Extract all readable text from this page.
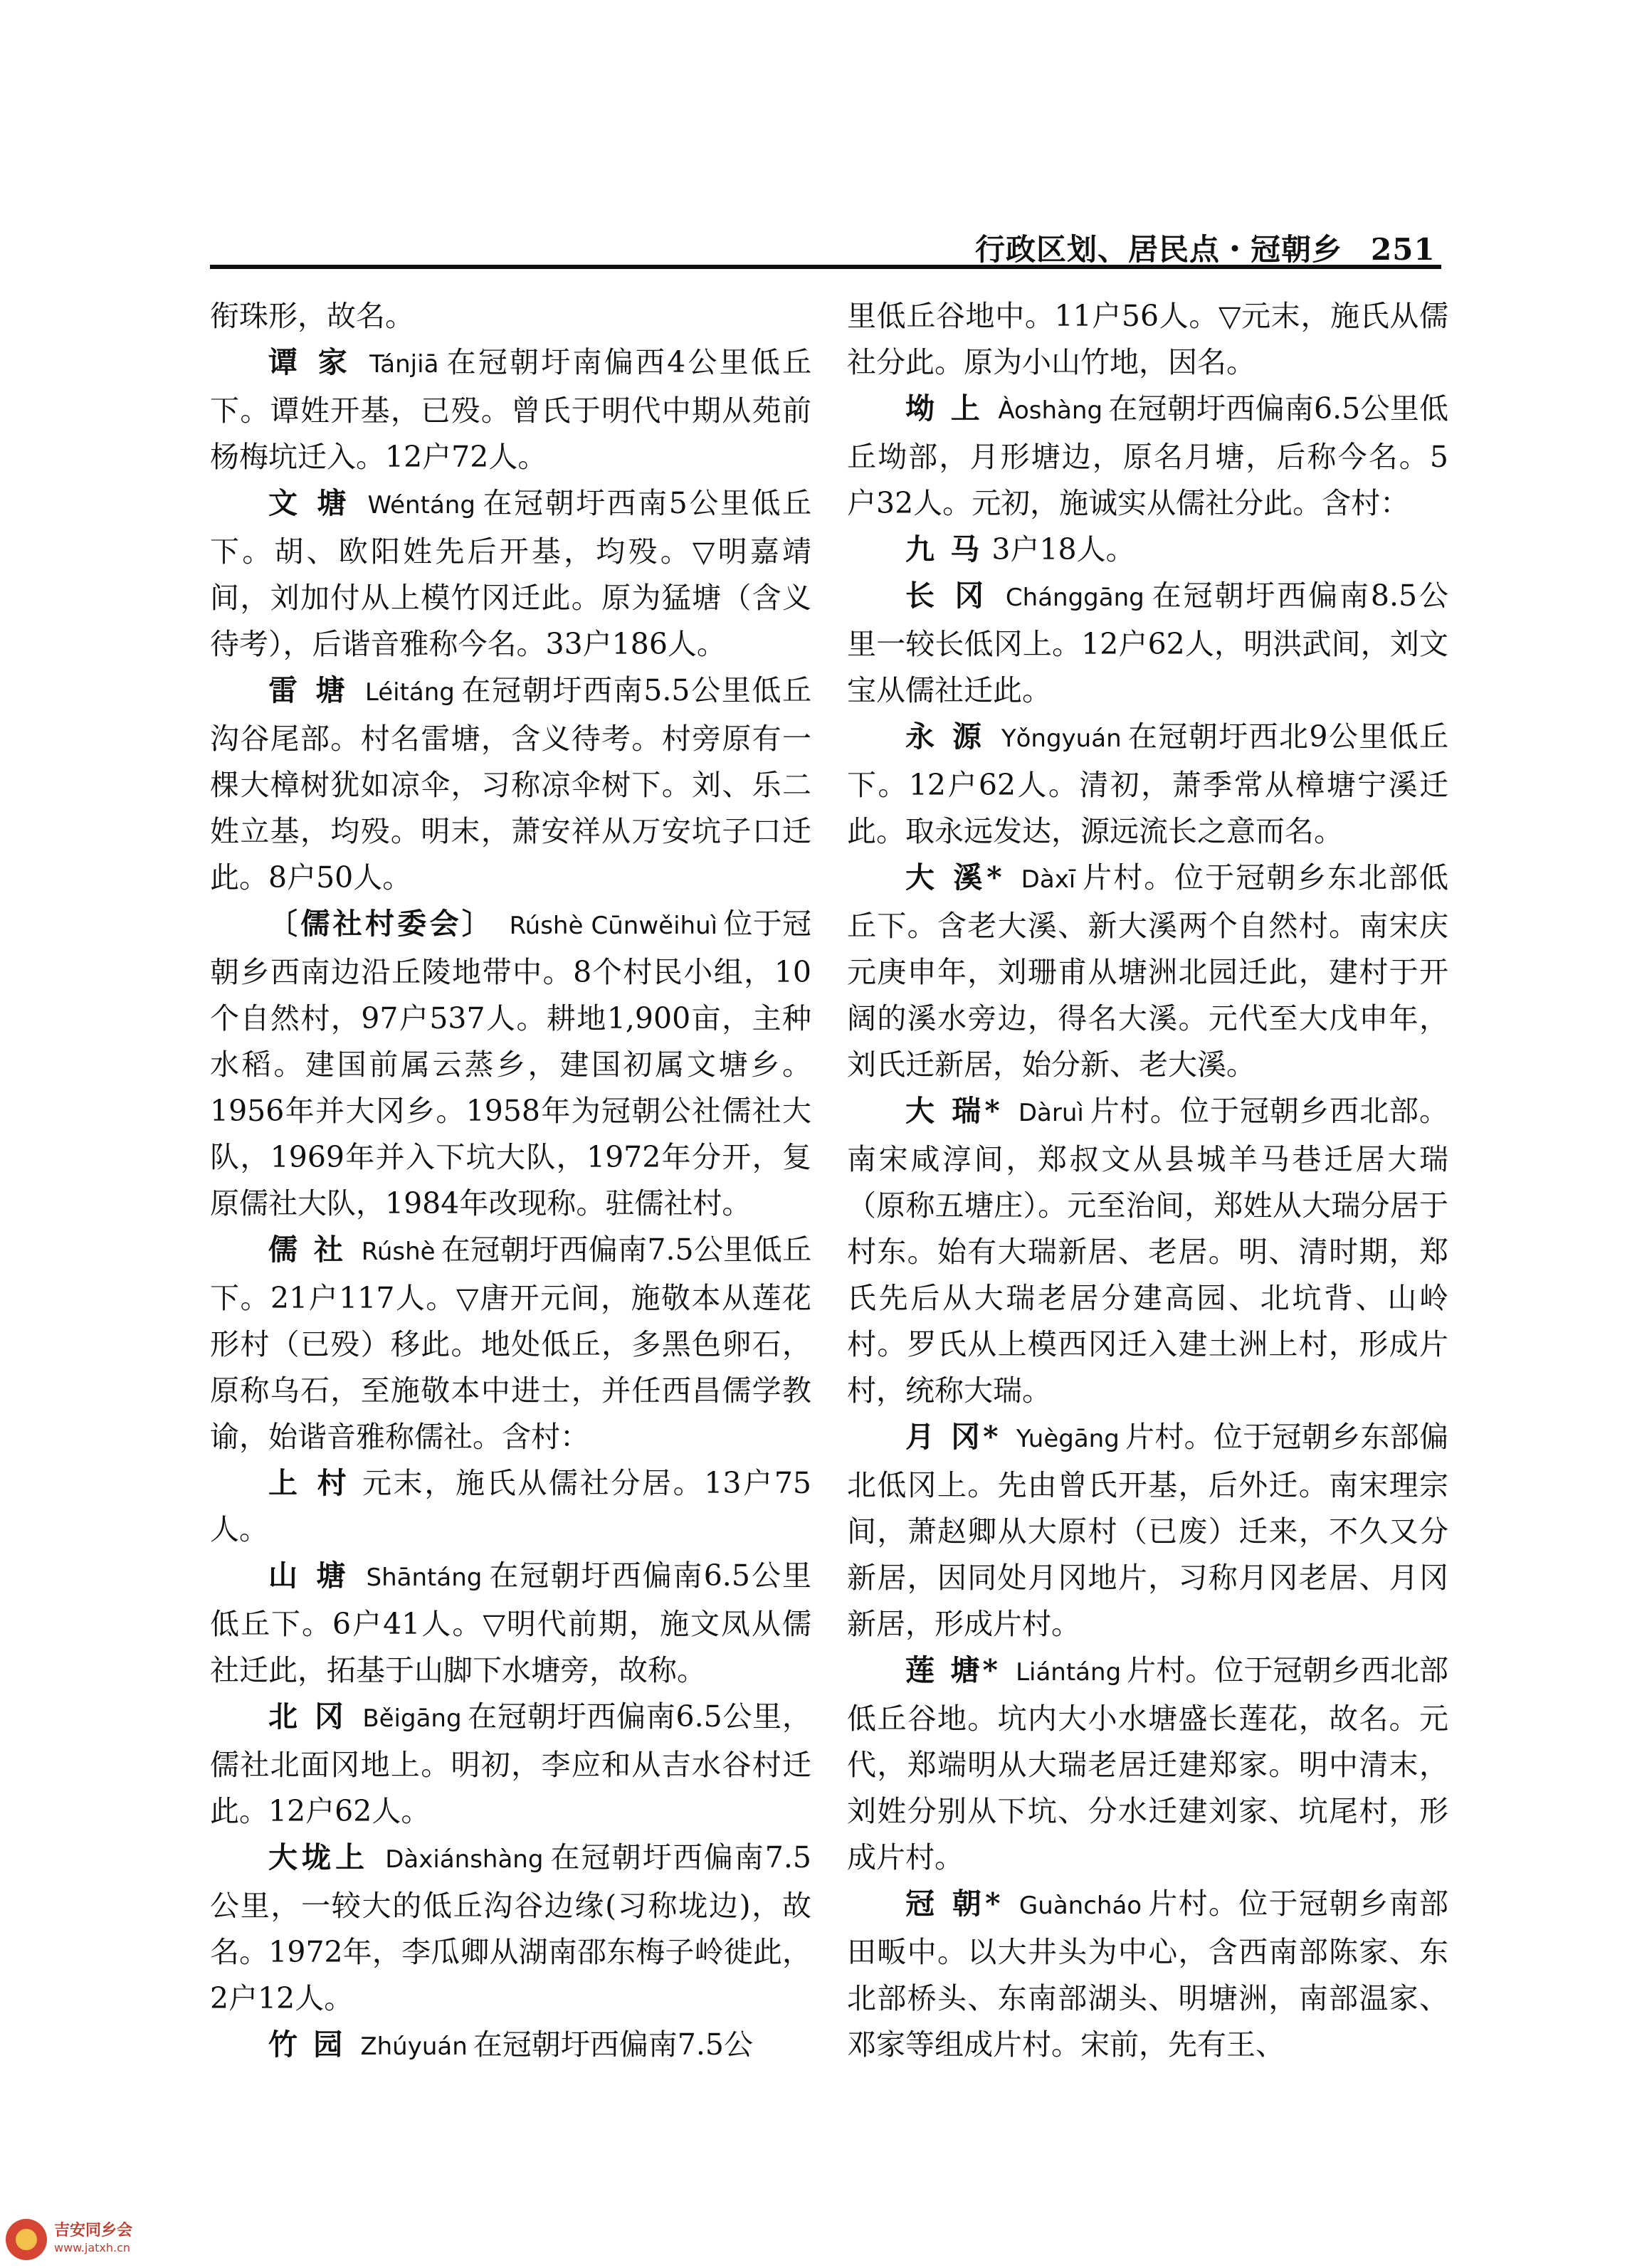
行政区划、居民点・冠朝乡 251

衔珠形，故名。

谭 家 Tánjiā 在冠朝圩南偏西4公里低丘下。谭姓开基，已殁。曾氏于明代中期从苑前杨梅坑迁入。12户72人。

文 塘 Wéntáng 在冠朝圩西南5公里低丘下。胡、欧阳姓先后开基，均殁。▽明嘉靖间，刘加付从上模竹冈迁此。原为猛塘（含义待考），后谐音雅称今名。33户186人。

雷 塘 Léitáng 在冠朝圩西南5.5公里低丘沟谷尾部。村名雷塘，含义待考。村旁原有一棵大樟树犹如凉伞，习称凉伞树下。刘、乐二姓立基，均殁。明末，萧安祥从万安坑子口迁此。8户50人。

〔儒社村委会〕 Rúshè Cūnwěihuì 位于冠朝乡西南边沿丘陵地带中。8个村民小组，10个自然村，97户537人。耕地1,900亩，主种水稻。建国前属云蒸乡，建国初属文塘乡。1956年并大冈乡。1958年为冠朝公社儒社大队，1969年并入下坑大队，1972年分开，复原儒社大队，1984年改现称。驻儒社村。

儒 社 Rúshè 在冠朝圩西偏南7.5公里低丘下。21户117人。▽唐开元间，施敬本从莲花形村（已殁）移此。地处低丘，多黑色卵石，原称乌石，至施敬本中进士，并任西昌儒学教谕，始谐音雅称儒社。含村：

上 村 元末，施氏从儒社分居。13户75人。

山 塘 Shāntáng 在冠朝圩西偏南6.5公里低丘下。6户41人。▽明代前期，施文凤从儒社迁此，拓基于山脚下水塘旁，故称。

北 冈 Běigāng 在冠朝圩西偏南6.5公里，儒社北面冈地上。明初，李应和从吉水谷村迁此。12户62人。

大垅上 Dàxiánshàng 在冠朝圩西偏南7.5公里，一较大的低丘沟谷边缘(习称垅边)，故名。1972年，李瓜卿从湖南邵东梅子岭徙此，2户12人。

竹 园 Zhúyuán 在冠朝圩西偏南7.5公

里低丘谷地中。11户56人。▽元末，施氏从儒社分此。原为小山竹地，因名。

坳 上 Àoshàng 在冠朝圩西偏南6.5公里低丘坳部，月形塘边，原名月塘，后称今名。5户32人。元初，施诚实从儒社分此。含村：

九 马 3户18人。

长 冈 Chánggāng 在冠朝圩西偏南8.5公里一较长低冈上。12户62人，明洪武间，刘文宝从儒社迁此。

永 源 Yǒngyuán 在冠朝圩西北9公里低丘下。12户62人。清初，萧季常从樟塘宁溪迁此。取永远发达，源远流长之意而名。

大 溪* Dàxī 片村。位于冠朝乡东北部低丘下。含老大溪、新大溪两个自然村。南宋庆元庚申年，刘珊甫从塘洲北园迁此，建村于开阔的溪水旁边，得名大溪。元代至大戊申年，刘氏迁新居，始分新、老大溪。

大 瑞* Dàruì 片村。位于冠朝乡西北部。南宋咸淳间，郑叔文从县城羊马巷迁居大瑞（原称五塘庄）。元至治间，郑姓从大瑞分居于村东。始有大瑞新居、老居。明、清时期，郑氏先后从大瑞老居分建高园、北坑背、山岭村。罗氏从上模西冈迁入建土洲上村，形成片村，统称大瑞。

月 冈* Yuègāng 片村。位于冠朝乡东部偏北低冈上。先由曾氏开基，后外迁。南宋理宗间，萧赵卿从大原村（已废）迁来，不久又分新居，因同处月冈地片，习称月冈老居、月冈新居，形成片村。

莲 塘* Liántáng 片村。位于冠朝乡西北部低丘谷地。坑内大小水塘盛长莲花，故名。元代，郑端明从大瑞老居迁建郑家。明中清末，刘姓分别从下坑、分水迁建刘家、坑尾村，形成片村。

冠 朝* Guàncháo 片村。位于冠朝乡南部田畈中。以大井头为中心，含西南部陈家、东北部桥头、东南部湖头、明塘洲，南部温家、邓家等组成片村。宋前，先有王、

吉安同乡会
www.jatxh.cn
